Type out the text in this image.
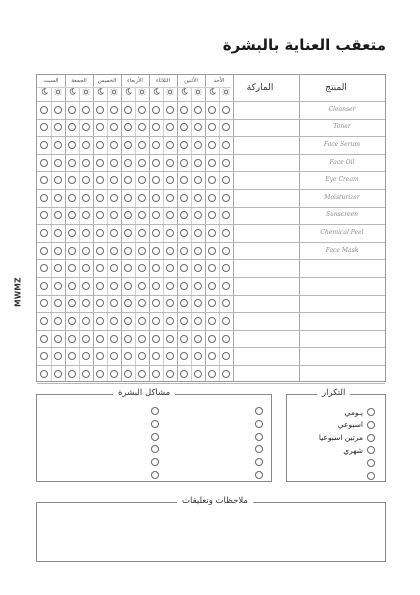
متعقب العناية بالبشرة
MWMZ
المنتج
الماركة
السبت	الجمعة	الخميس	الأربعاء	الثلاثاء	الأثنين	الأحد
Cleanser
Toner
Face Serum
Face Oil
Eye Cream
Moisturizer
Sunscreen
Chemical Peel
Face Mask
مشاكل البشرة	التكرار
يـومي
اسبوعي
مرتين اسبوعيا
شهري
ملاحظات وتعليقات
